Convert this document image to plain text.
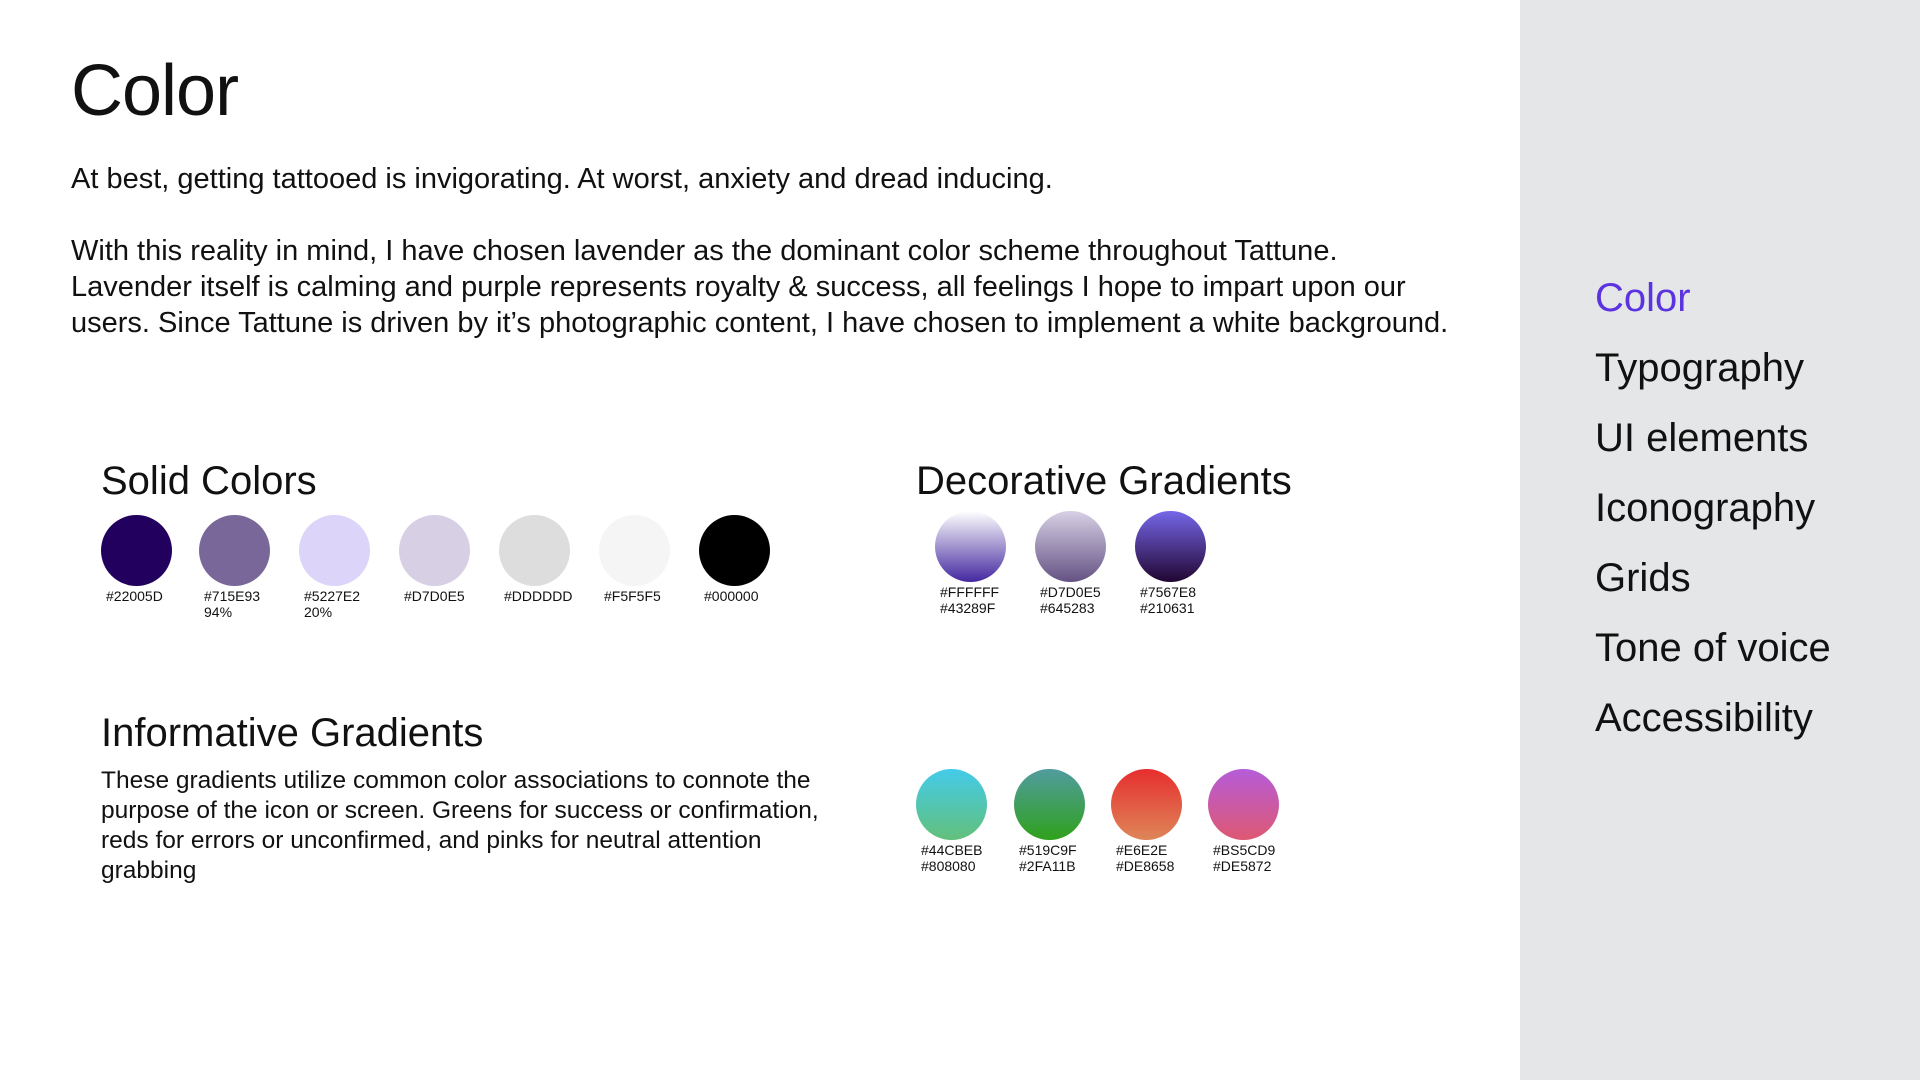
Color

At best, getting tattooed is invigorating. At worst, anxiety and dread inducing.

With this reality in mind, I have chosen lavender as the dominant color scheme throughout Tattune. Lavender itself is calming and purple represents royalty & success, all feelings I hope to impart upon our users. Since Tattune is driven by it’s photographic content, I have chosen to implement a white background.

Solid Colors
#22005D	#715E93
94%
#5227E2
20%
#D7D0E5	#DDDDDD	#F5F5F5	#000000
Decorative Gradients
#FFFFFF
#43289F
#D7D0E5
#645283
#7567E8
#210631
Informative Gradients
These gradients utilize common color associations to connote the purpose of the icon or screen. Greens for success or confirmation, reds for errors or unconfirmed, and pinks for neutral attention grabbing
#44CBEB
#808080
#519C9F
#2FA11B
#E6E2E
#DE8658
#BS5CD9
#DE5872
Color
Typography
UI elements
Iconography
Grids
Tone of voice
Accessibility
